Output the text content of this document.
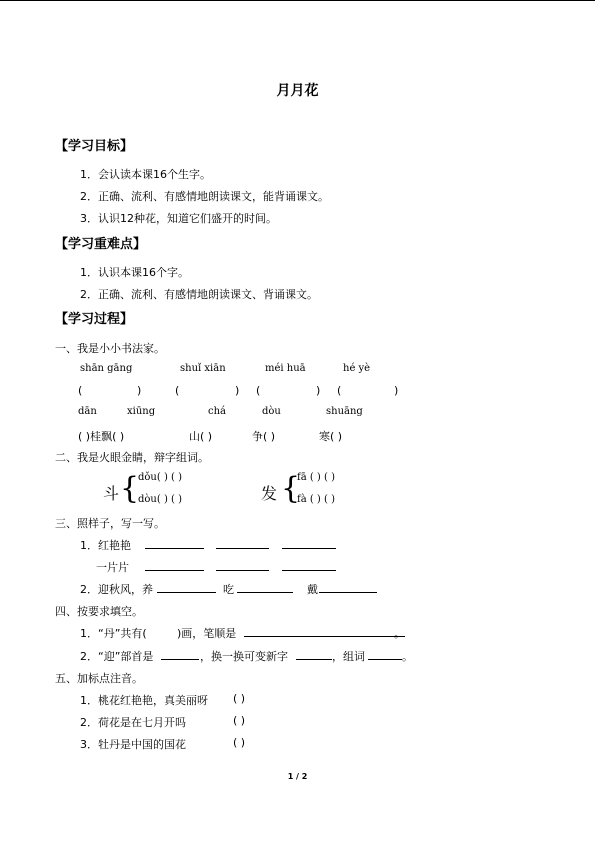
月月花
【学习目标】
1．会认读本课16个生字。
2．正确、流利、有感情地朗读课文，能背诵课文。
3．认识12种花，知道它们盛开的时间。
【学习重难点】
1．认识本课16个字。
2．正确、流利、有感情地朗读课文、背诵课文。
【学习过程】
一、我是小小书法家。
shān gāng	shuǐ xiān	méi huā	hé yè
(	)	(	) (	) (	)
dān	xiūng	chá	dòu	shuāng
( )桂飘( )	山( )	争( )	寒( )
二、我是火眼金睛，辩字组词。
斗 {
dǒu( ) ( )
dòu( ) ( )	发 {
fā ( ) ( )
fà ( ) ( )
三、照样子，写一写。
1．红艳艳
一片片
2．迎秋风，养	吃	戴
四、按要求填空。
1．“丹”共有(	)画，笔顺是	。
2．“迎”部首是	，换一换可变新字	，组词	。
五、加标点注音。
1．桃花红艳艳，真美丽呀 ( )
2．荷花是在七月开吗	( )
3．牡丹是中国的国花	( )
1 / 2
